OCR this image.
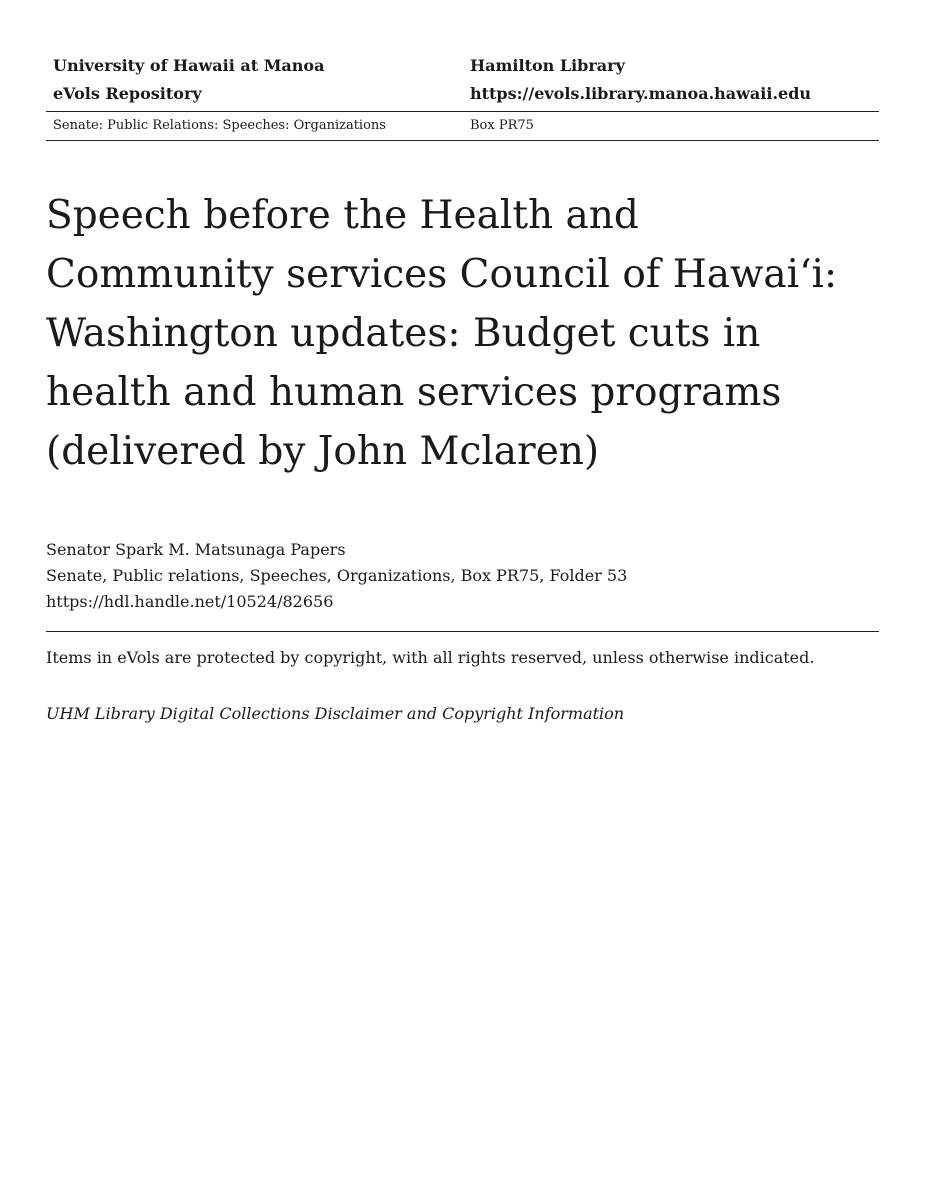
University of Hawaii at Manoa	Hamilton Library
eVols Repository	https://evols.library.manoa.hawaii.edu
Senate: Public Relations: Speeches: Organizations	Box PR75
Speech before the Health and Community services Council of Hawai‘i: Washington updates: Budget cuts in health and human services programs (delivered by John Mclaren)
Senator Spark M. Matsunaga Papers
Senate, Public relations, Speeches, Organizations, Box PR75, Folder 53
https://hdl.handle.net/10524/82656
Items in eVols are protected by copyright, with all rights reserved, unless otherwise indicated.
UHM Library Digital Collections Disclaimer and Copyright Information
